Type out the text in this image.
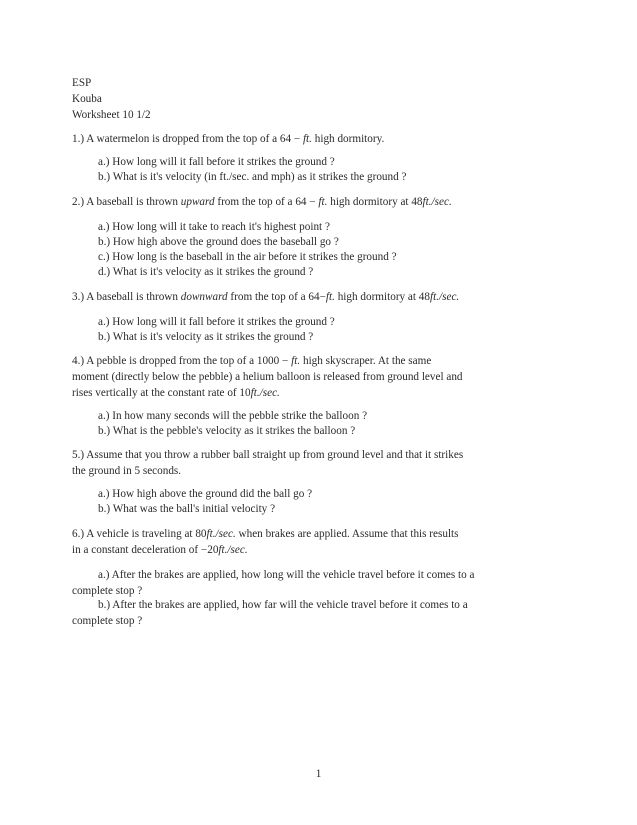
ESP
Kouba
Worksheet 10 1/2
1.) A watermelon is dropped from the top of a 64 − ft. high dormitory.
a.) How long will it fall before it strikes the ground ?
b.) What is it's velocity (in ft./sec. and mph) as it strikes the ground ?
2.) A baseball is thrown upward from the top of a 64 − ft. high dormitory at 48ft./sec.
a.) How long will it take to reach it's highest point ?
b.) How high above the ground does the baseball go ?
c.) How long is the baseball in the air before it strikes the ground ?
d.) What is it's velocity as it strikes the ground ?
3.) A baseball is thrown downward from the top of a 64−ft. high dormitory at 48ft./sec.
a.) How long will it fall before it strikes the ground ?
b.) What is it's velocity as it strikes the ground ?
4.) A pebble is dropped from the top of a 1000 − ft. high skyscraper. At the same
moment (directly below the pebble) a helium balloon is released from ground level and
rises vertically at the constant rate of 10ft./sec.
a.) In how many seconds will the pebble strike the balloon ?
b.) What is the pebble's velocity as it strikes the balloon ?
5.) Assume that you throw a rubber ball straight up from ground level and that it strikes
the ground in 5 seconds.
a.) How high above the ground did the ball go ?
b.) What was the ball's initial velocity ?
6.) A vehicle is traveling at 80ft./sec. when brakes are applied. Assume that this results
in a constant deceleration of −20ft./sec.
a.) After the brakes are applied, how long will the vehicle travel before it comes to a
complete stop ?
b.) After the brakes are applied, how far will the vehicle travel before it comes to a
complete stop ?
1
